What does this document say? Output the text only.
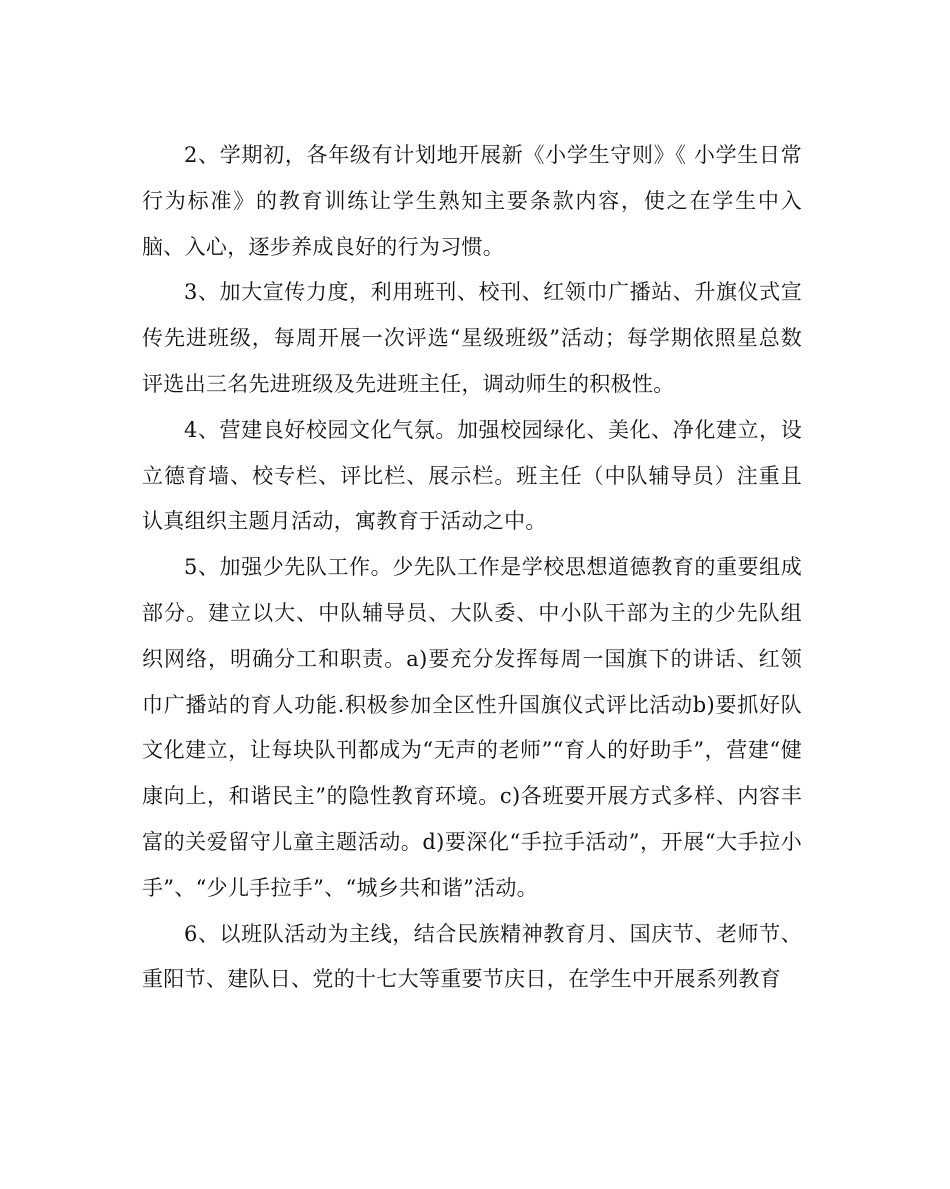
2、学期初，各年级有计划地开展新《小学生守则》《 小学生日常行为标准》的教育训练让学生熟知主要条款内容，使之在学生中入脑、入心，逐步养成良好的行为习惯。

3、加大宣传力度，利用班刊、校刊、红领巾广播站、升旗仪式宣传先进班级，每周开展一次评选“星级班级”活动；每学期依照星总数评选出三名先进班级及先进班主任，调动师生的积极性。

4、营建良好校园文化气氛。加强校园绿化、美化、净化建立，设立德育墙、校专栏、评比栏、展示栏。班主任（中队辅导员）注重且认真组织主题月活动，寓教育于活动之中。

5、加强少先队工作。少先队工作是学校思想道德教育的重要组成部分。建立以大、中队辅导员、大队委、中小队干部为主的少先队组织网络，明确分工和职责。a)要充分发挥每周一国旗下的讲话、红领巾广播站的育人功能.积极参加全区性升国旗仪式评比活动b)要抓好队文化建立，让每块队刊都成为“无声的老师”“育人的好助手”，营建“健康向上，和谐民主”的隐性教育环境。c)各班要开展方式多样、内容丰富的关爱留守儿童主题活动。d)要深化“手拉手活动”，开展“大手拉小手”、“少儿手拉手”、“城乡共和谐”活动。

6、以班队活动为主线，结合民族精神教育月、国庆节、老师节、重阳节、建队日、党的十七大等重要节庆日，在学生中开展系列教育
